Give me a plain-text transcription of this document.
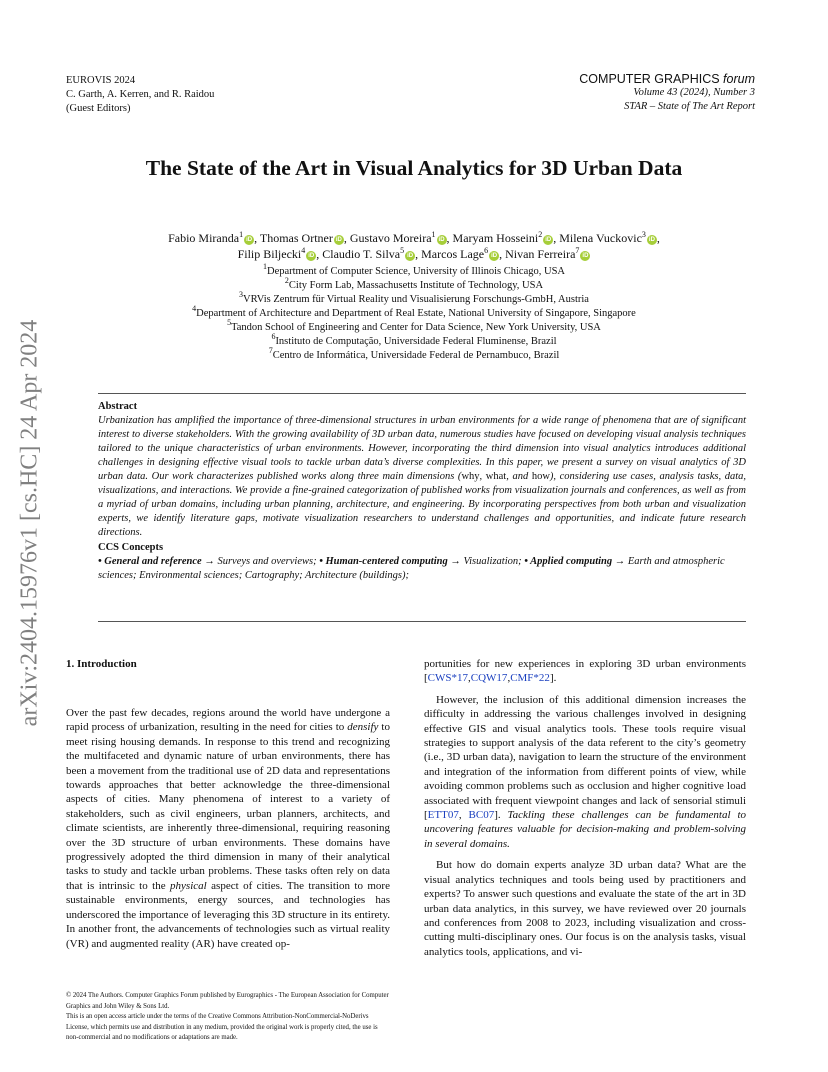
EUROVIS 2024
C. Garth, A. Kerren, and R. Raidou
(Guest Editors)
COMPUTER GRAPHICS forum
Volume 43 (2024), Number 3
STAR – State of The Art Report
arXiv:2404.15976v1 [cs.HC] 24 Apr 2024
The State of the Art in Visual Analytics for 3D Urban Data
Fabio Miranda$^1$iD , Thomas Ortner iD , Gustavo Moreira$^1$iD , Maryam Hosseini$^2$iD , Milena Vuckovic$^3$iD ,
Filip Biljecki$^4$iD , Claudio T. Silva$^5$iD , Marcos Lage$^6$iD , Nivan Ferreira$^7$iD
$^1$Department of Computer Science, University of Illinois Chicago, USA
$^2$City Form Lab, Massachusetts Institute of Technology, USA
$^3$VRVis Zentrum für Virtual Reality und Visualisierung Forschungs-GmbH, Austria
$^4$Department of Architecture and Department of Real Estate, National University of Singapore, Singapore
$^5$Tandon School of Engineering and Center for Data Science, New York University, USA
$^6$Instituto de Computação, Universidade Federal Fluminense, Brazil
$^7$Centro de Informática, Universidade Federal de Pernambuco, Brazil
Abstract
Urbanization has amplified the importance of three-dimensional structures in urban environments for a wide range of phenomena that are of significant interest to diverse stakeholders. With the growing availability of 3D urban data, numerous studies have focused on developing visual analysis techniques tailored to the unique characteristics of urban environments. However, incorporating the third dimension into visual analytics introduces additional challenges in designing effective visual tools to tackle urban data’s diverse complexities. In this paper, we present a survey on visual analytics of 3D urban data. Our work characterizes published works along three main dimensions (why, what, and how), considering use cases, analysis tasks, data, visualizations, and interactions. We provide a fine-grained categorization of published works from visualization journals and conferences, as well as from a myriad of urban domains, including urban planning, architecture, and engineering. By incorporating perspectives from both urban and visualization experts, we identify literature gaps, motivate visualization researchers to understand challenges and opportunities, and indicate future research directions.
CCS Concepts
• General and reference → Surveys and overviews; • Human-centered computing → Visualization; • Applied computing → Earth and atmospheric sciences; Environmental sciences; Cartography; Architecture (buildings);
1. Introduction

Over the past few decades, regions around the world have undergone a rapid process of urbanization, resulting in the need for cities to densify to meet rising housing demands. In response to this trend and recognizing the multifaceted and dynamic nature of urban environments, there has been a movement from the traditional use of 2D data and representations towards approaches that better acknowledge the three-dimensional aspects of cities. Many phenomena of interest to a variety of stakeholders, such as civil engineers, urban planners, architects, and climate scientists, are inherently three-dimensional, requiring reasoning over the 3D structure of urban environments. These domains have progressively adopted the third dimension in many of their analytical tasks to study and tackle urban problems. These tasks often rely on data that is intrinsic to the physical aspect of cities. The transition to more sustainable environments, energy sources, and technologies has underscored the importance of leveraging this 3D structure in its entirety. In another front, the advancements of technologies such as virtual reality (VR) and augmented reality (AR) have created op-

portunities for new experiences in exploring 3D urban environments [CWS*17,CQW17,CMF*22].

However, the inclusion of this additional dimension increases the difficulty in addressing the various challenges involved in designing effective GIS and visual analytics tools. These tools require visual strategies to support analysis of the data referent to the city’s geometry (i.e., 3D urban data), navigation to learn the structure of the environment and integration of the information from different points of view, while avoiding common problems such as occlusion and higher cognitive load associated with frequent viewpoint changes and lack of sensorial stimuli [ETT07, BC07]. Tackling these challenges can be fundamental to uncovering features valuable for decision-making and problem-solving in several domains.

But how do domain experts analyze 3D urban data? What are the visual analytics techniques and tools being used by practitioners and experts? To answer such questions and evaluate the state of the art in 3D urban data analytics, in this survey, we have reviewed over 20 journals and conferences from 2008 to 2023, including visualization and cross-cutting multi-disciplinary ones. Our focus is on the analysis tasks, visual analytics tools, applications, and vi-

© 2024 The Authors. Computer Graphics Forum published by Eurographics - The European Association for Computer Graphics and John Wiley & Sons Ltd.
This is an open access article under the terms of the Creative Commons Attribution-NonCommercial-NoDerivs License, which permits use and distribution in any medium, provided the original work is properly cited, the use is non-commercial and no modifications or adaptations are made.
